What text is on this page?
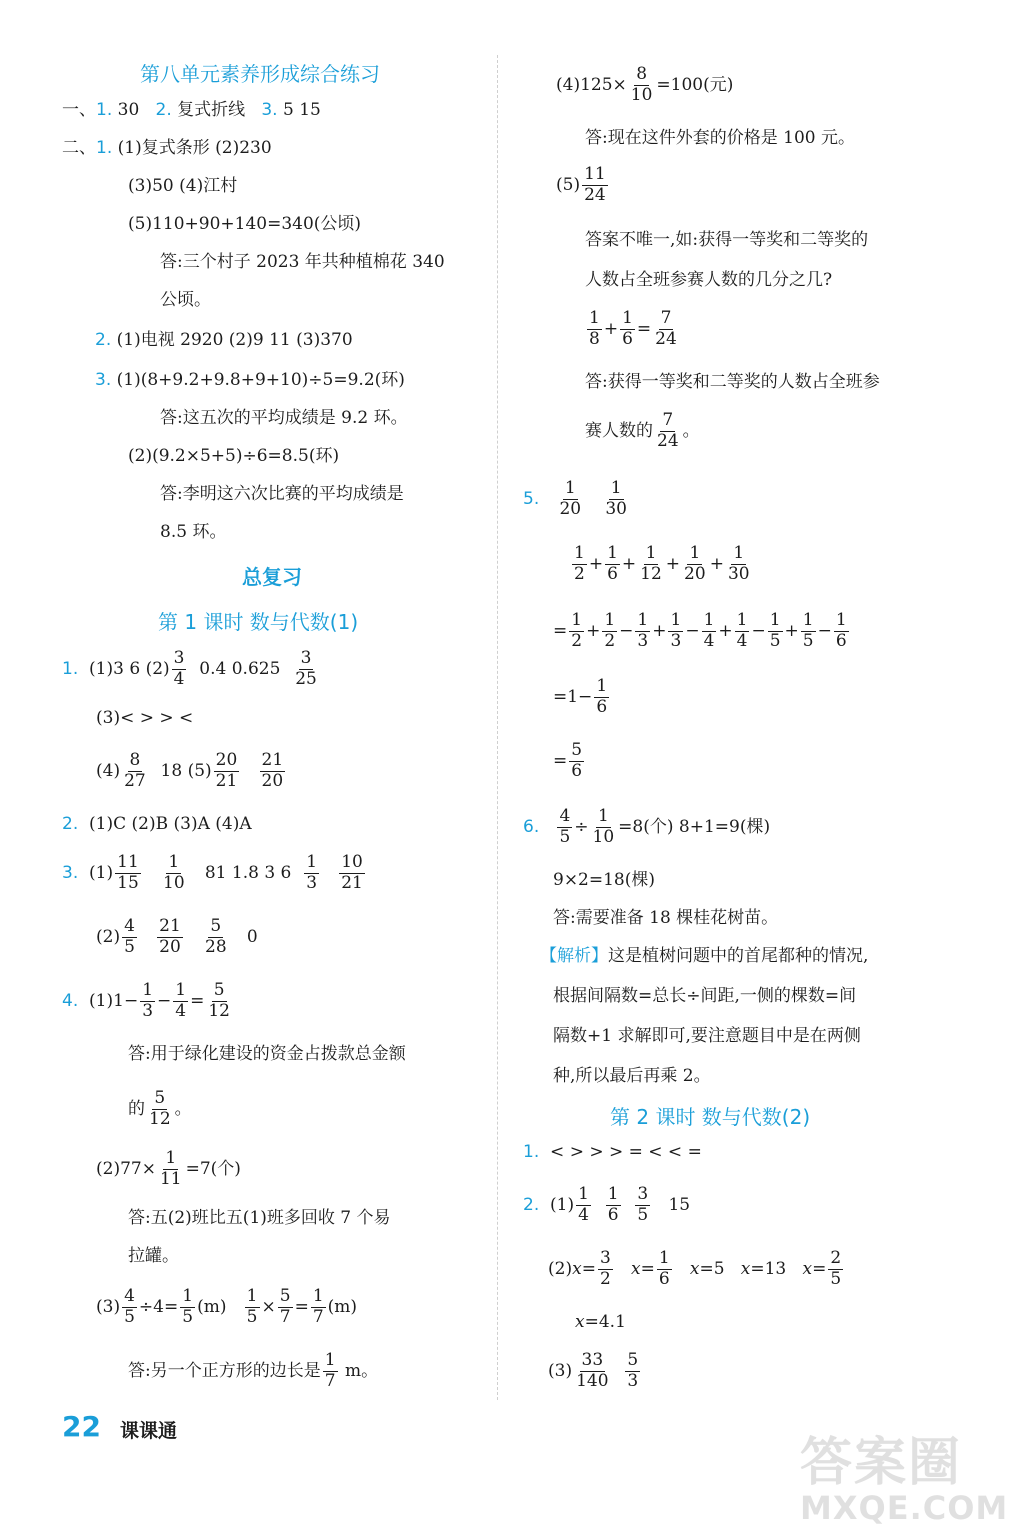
第八单元素养形成综合练习
一、1. 30 2. 复式折线 3. 5 15
二、1. (1)复式条形 (2)230
(3)50 (4)江村
(5)110+90+140=340(公顷)
答:三个村子 2023 年共种植棉花 340
公顷。
2. (1)电视 2920 (2)9 11 (3)370
3. (1)(8+9.2+9.8+9+10)÷5=9.2(环)
答:这五次的平均成绩是 9.2 环。
(2)(9.2×5+5)÷6=8.5(环)
答:李明这六次比赛的平均成绩是
8.5 环。
总复习
第 1 课时 数与代数(1)
1. (1)3 6 $(2) \frac{3}{4} 0.4$ $0.625 \frac{3}{25}$
(3)< > > <
$(4) \frac{8}{27} 18$ $(5) \frac{20}{21}$
$\frac{21}{20}$
2. (1)C (2)B (3)A (4)A
3. $(1) \frac{11}{15}$
$\frac{1}{10} 81$ 1.8 3 $6 \frac{1}{3}$
$\frac{10}{21}$
$(2) \frac{4}{5}$
$\frac{21}{20}$
$\frac{5}{28} 0$
4. $(1)1- \frac{1}{3} - \frac{1}{4} = \frac{5}{12}$
答:用于绿化建设的资金占拨款总金额
的 $\frac{5}{12}$ 。
$(2)77\times \frac{1}{11} =7$(个)
答:五(2)班比五(1)班多回收 7 个易
拉罐。
$(3) \frac{4}{5} \div 4= \frac{1}{5} (m) \frac{1}{5} \times \frac{5}{7} = \frac{1}{7} (m)$
答:另一个正方形的边长是 $\frac{1}{7}$ m。
$(4)125\times \frac{8}{10} =100$(元)
答:现在这件外套的价格是 100 元。
$(5) \frac{11}{24}$
答案不唯一,如:获得一等奖和二等奖的
人数占全班参赛人数的几分之几?
$\frac{1}{8} + \frac{1}{6} = \frac{7}{24}$
答:获得一等奖和二等奖的人数占全班参
赛人数的 $\frac{7}{24}$ 。
5. $\frac{1}{20}$
$\frac{1}{30}$
$\frac{1}{2} + \frac{1}{6} + \frac{1}{12} + \frac{1}{20} + \frac{1}{30}$
= $\frac{1}{2} + \frac{1}{2} - \frac{1}{3} + \frac{1}{3} - \frac{1}{4} + \frac{1}{4} - \frac{1}{5} + \frac{1}{5} - \frac{1}{6}$
$=1- \frac{1}{6}$
= $\frac{5}{6}$
6. $\frac{4}{5} \div \frac{1}{10} =8$(个) 8+1=9(棵)
9×2=18(棵)
答:需要准备 18 棵桂花树苗。
【解析】这是植树问题中的首尾都种的情况,
根据间隔数=总长÷间距,一侧的棵数=间
隔数+1 求解即可,要注意题目中是在两侧
种,所以最后再乘 2。
第 2 课时 数与代数(2)
1. < > > > = < < =
2. $(1) \frac{1}{4}$
$\frac{1}{6}$
$\frac{3}{5} 15$
$(2)x= \frac{3}{2} x= \frac{1}{6} x=5$ x=13 $x= \frac{2}{5}$
x=4.1
$(3) \frac{33}{140}$
$\frac{5}{3}$
22 课课通
答案圈
MXQE.COM
